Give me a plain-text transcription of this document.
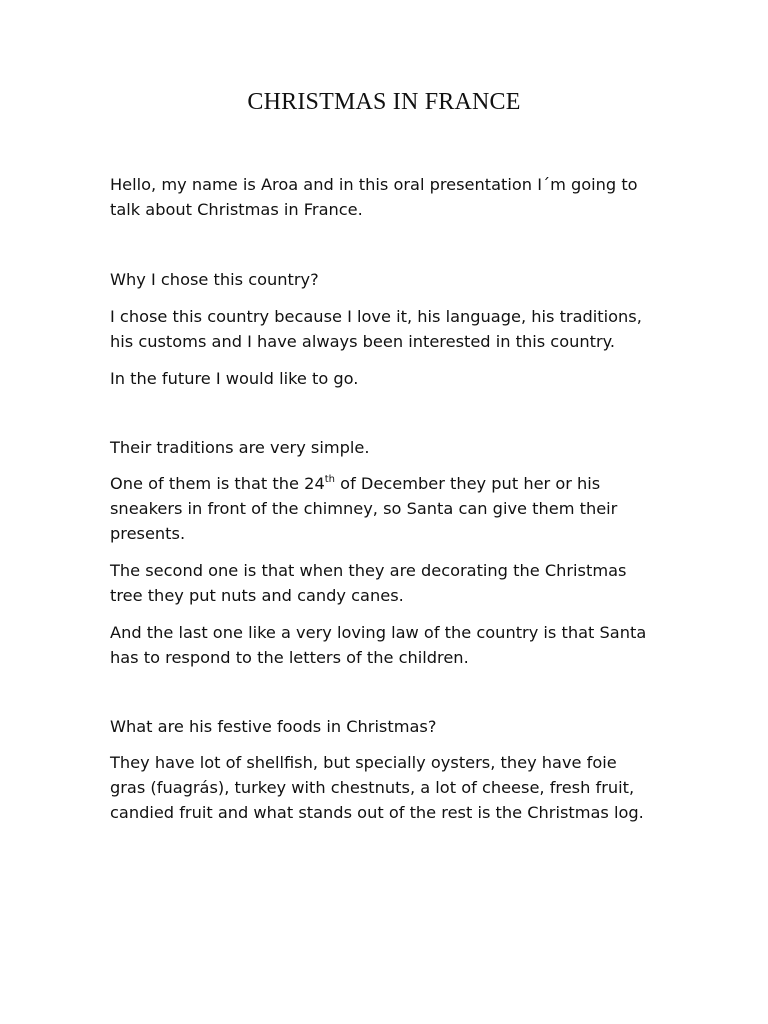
CHRISTMAS IN FRANCE
Hello, my name is Aroa and in this oral presentation I´m going to
talk about Christmas in France.
Why I chose this country?
I chose this country because I love it, his language, his traditions,
his customs and I have always been interested in this country.
In the future I would like to go.
Their traditions are very simple.
One of them is that the 24th of December they put her or his
sneakers in front of the chimney, so Santa can give them their
presents.
The second one is that when they are decorating the Christmas
tree they put nuts and candy canes.
And the last one like a very loving law of the country is that Santa
has to respond to the letters of the children.
What are his festive foods in Christmas?
They have lot of shellfish, but specially oysters, they have foie
gras (fuagrás), turkey with chestnuts, a lot of cheese, fresh fruit,
candied fruit and what stands out of the rest is the Christmas log.
